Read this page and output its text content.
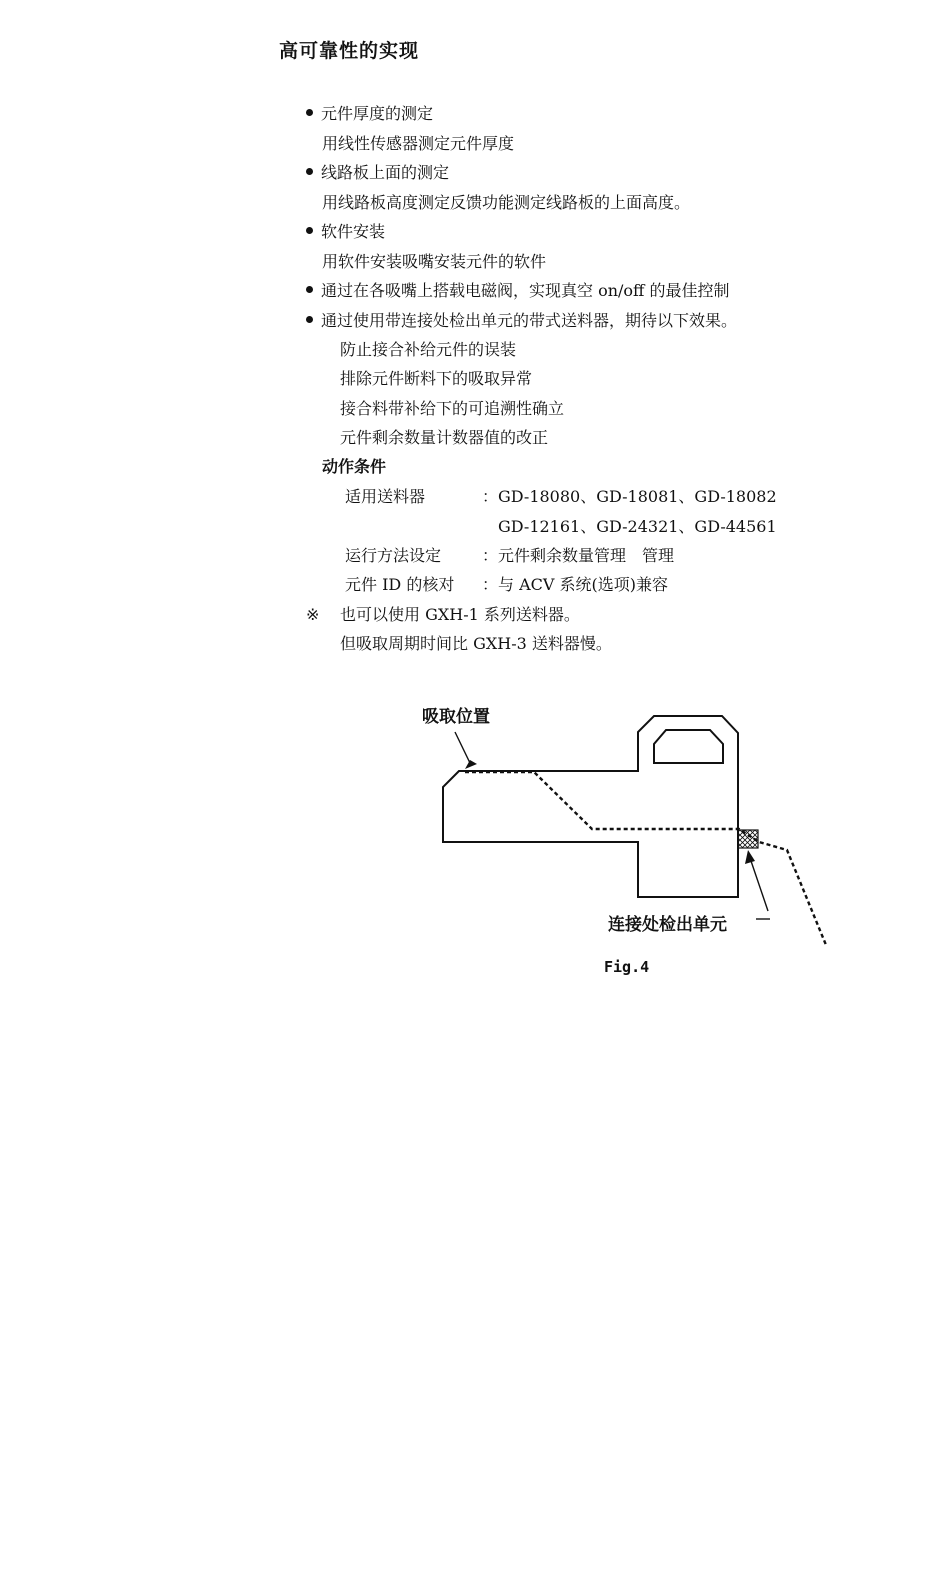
高可靠性的实现
元件厚度的测定
用线性传感器测定元件厚度
线路板上面的测定
用线路板高度测定反馈功能测定线路板的上面高度。
软件安装
用软件安装吸嘴安装元件的软件
通过在各吸嘴上搭载电磁阀，实现真空 on/off 的最佳控制
通过使用带连接处检出单元的带式送料器，期待以下效果。
防止接合补给元件的误装
排除元件断料下的吸取异常
接合料带补给下的可追溯性确立
元件剩余数量计数器值的改正
动作条件
适用送料器	： GD-18080、GD-18081、GD-18082
GD-12161、GD-24321、GD-44561
运行方法设定	： 元件剩余数量管理　管理
元件 ID 的核对 ： 与 ACV 系统(选项)兼容
※ 也可以使用 GXH-1 系列送料器。
但吸取周期时间比 GXH-3 送料器慢。
吸取位置
连接处检出单元
Fig.4
